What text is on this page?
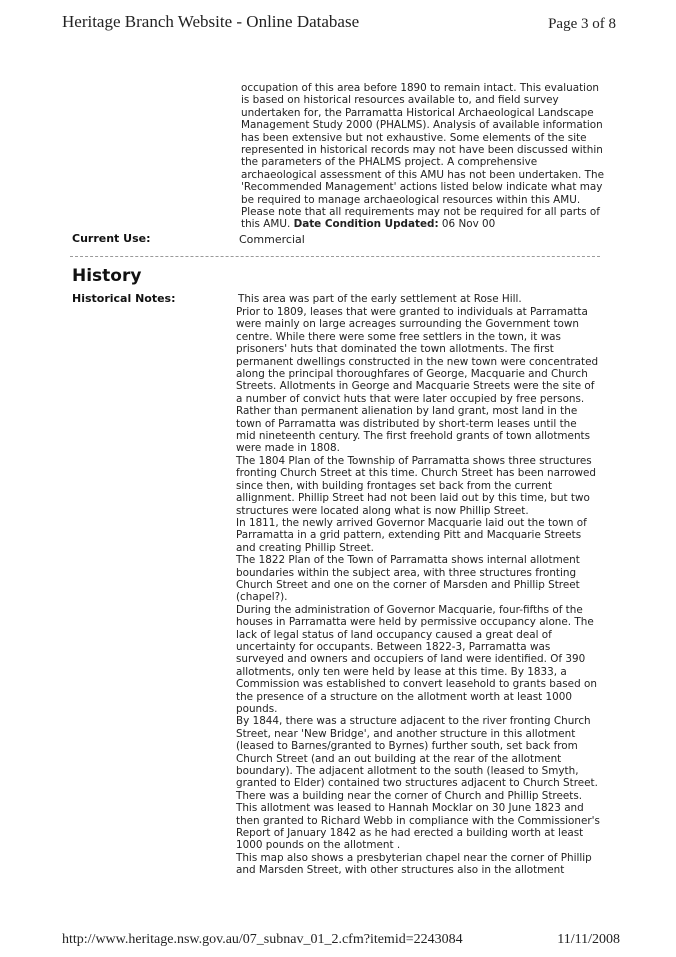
Heritage Branch Website - Online Database	Page 3 of 8

occupation of this area before 1890 to remain intact. This evaluation
is based on historical resources available to, and field survey
undertaken for, the Parramatta Historical Archaeological Landscape
Management Study 2000 (PHALMS). Analysis of available information
has been extensive but not exhaustive. Some elements of the site
represented in historical records may not have been discussed within
the parameters of the PHALMS project. A comprehensive
archaeological assessment of this AMU has not been undertaken. The
'Recommended Management' actions listed below indicate what may
be required to manage archaeological resources within this AMU.
Please note that all requirements may not be required for all parts of
this AMU. Date Condition Updated: 06 Nov 00

Current Use:	Commercial
History
Historical Notes:	This area was part of the early settlement at Rose Hill.

Prior to 1809, leases that were granted to individuals at Parramatta
were mainly on large acreages surrounding the Government town
centre. While there were some free settlers in the town, it was
prisoners' huts that dominated the town allotments. The first
permanent dwellings constructed in the new town were concentrated
along the principal thoroughfares of George, Macquarie and Church
Streets. Allotments in George and Macquarie Streets were the site of
a number of convict huts that were later occupied by free persons.
Rather than permanent alienation by land grant, most land in the
town of Parramatta was distributed by short-term leases until the
mid nineteenth century. The first freehold grants of town allotments
were made in 1808.
The 1804 Plan of the Township of Parramatta shows three structures
fronting Church Street at this time. Church Street has been narrowed
since then, with building frontages set back from the current
allignment. Phillip Street had not been laid out by this time, but two
structures were located along what is now Phillip Street.
In 1811, the newly arrived Governor Macquarie laid out the town of
Parramatta in a grid pattern, extending Pitt and Macquarie Streets
and creating Phillip Street.
The 1822 Plan of the Town of Parramatta shows internal allotment
boundaries within the subject area, with three structures fronting
Church Street and one on the corner of Marsden and Phillip Street
(chapel?).
During the administration of Governor Macquarie, four-fifths of the
houses in Parramatta were held by permissive occupancy alone. The
lack of legal status of land occupancy caused a great deal of
uncertainty for occupants. Between 1822-3, Parramatta was
surveyed and owners and occupiers of land were identified. Of 390
allotments, only ten were held by lease at this time. By 1833, a
Commission was established to convert leasehold to grants based on
the presence of a structure on the allotment worth at least 1000
pounds.
By 1844, there was a structure adjacent to the river fronting Church
Street, near 'New Bridge', and another structure in this allotment
(leased to Barnes/granted to Byrnes) further south, set back from
Church Street (and an out building at the rear of the allotment
boundary). The adjacent allotment to the south (leased to Smyth,
granted to Elder) contained two structures adjacent to Church Street.
There was a building near the corner of Church and Phillip Streets.
This allotment was leased to Hannah Mocklar on 30 June 1823 and
then granted to Richard Webb in compliance with the Commissioner's
Report of January 1842 as he had erected a building worth at least
1000 pounds on the allotment .
This map also shows a presbyterian chapel near the corner of Phillip
and Marsden Street, with other structures also in the allotment

http://www.heritage.nsw.gov.au/07_subnav_01_2.cfm?itemid=2243084	11/11/2008
